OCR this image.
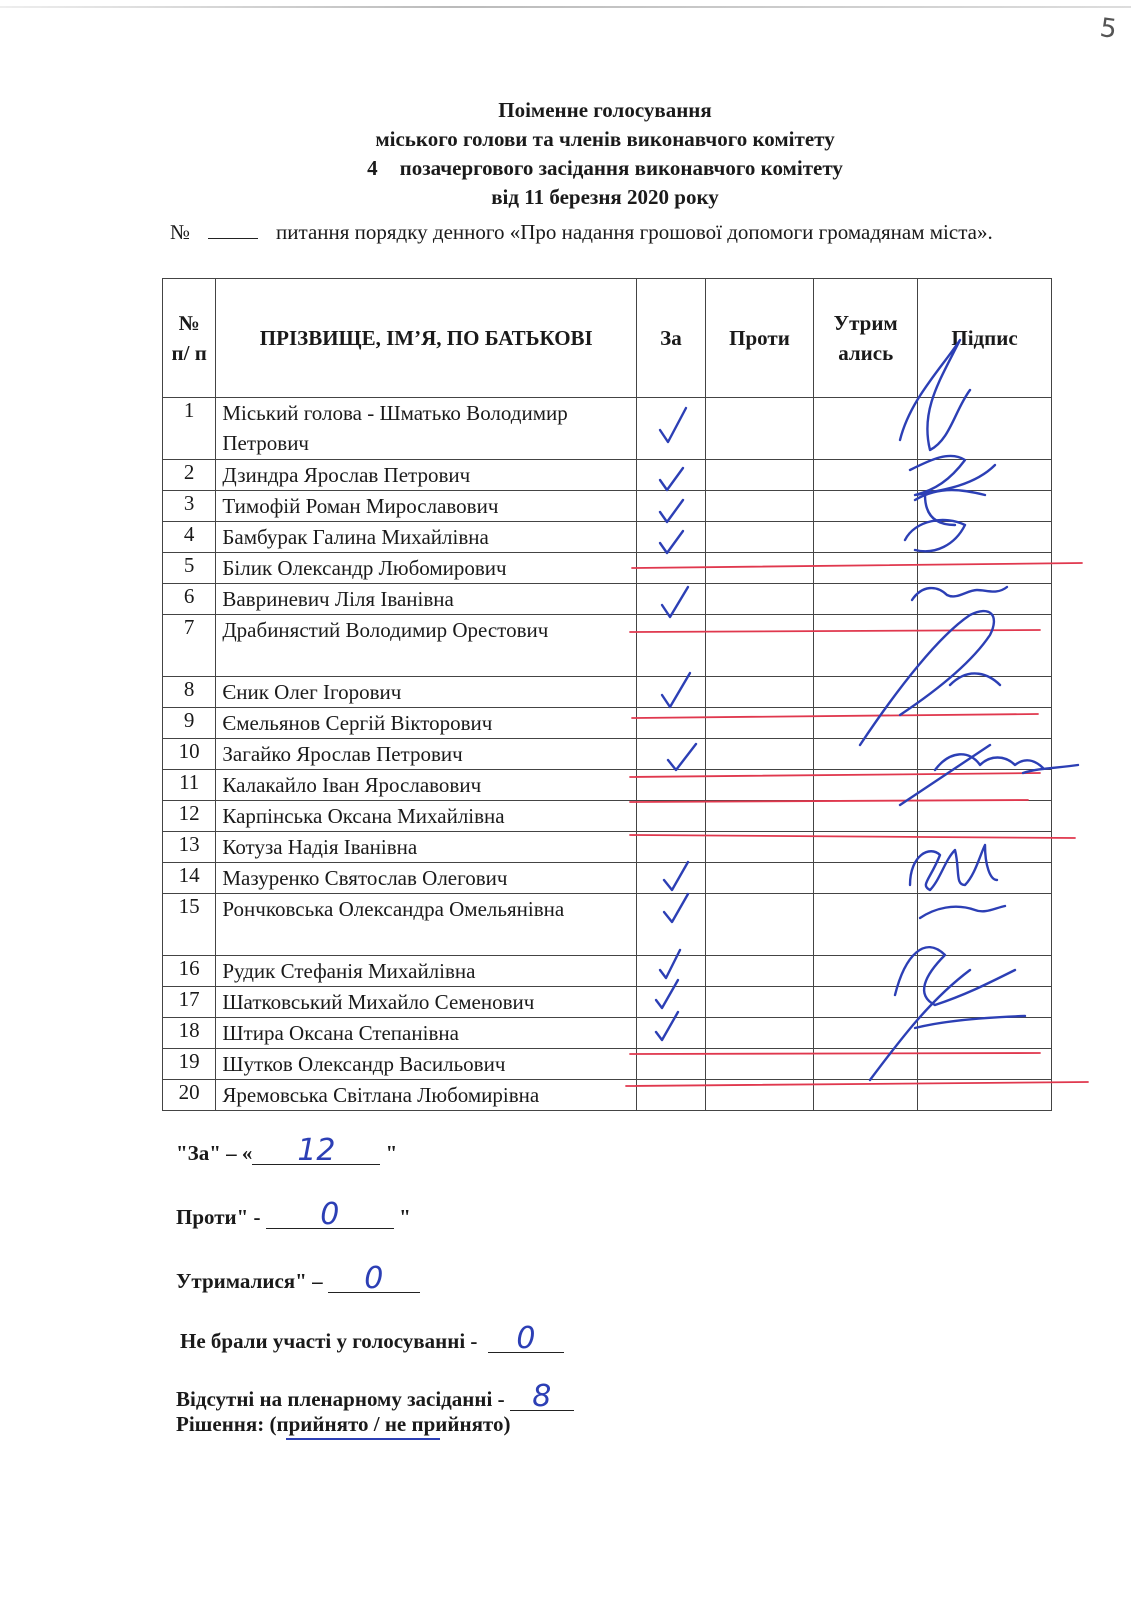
5
Поіменне голосування
міського голови та членів виконавчого комітету
4 позачергового засідання виконавчого комітету
від 11 березня 2020 року
№	питання порядку денного «Про надання грошової допомоги громадянам міста».
№ п/ п	ПРІЗВИЩЕ, ІМ’Я, ПО БАТЬКОВІ	За	Проти	Утрим ались	Підпис
1	Міський голова - Шматько Володимир Петрович				
2	Дзиндра Ярослав Петрович				
3	Тимофій Роман Мирославович				
4	Бамбурак Галина Михайлівна				
5	Білик Олександр Любомирович				
6	Вавриневич Ліля Іванівна				
7	Драбинястий Володимир Орестович				
8	Єник Олег Ігорович				
9	Ємельянов Сергій Вікторович				
10	Загайко Ярослав Петрович				
11	Калакайло Іван Ярославович				
12	Карпінська Оксана Михайлівна				
13	Котуза Надія Іванівна				
14	Мазуренко Святослав Олегович				
15	Рончковська Олександра Омельянівна				
16	Рудик Стефанія Михайлівна				
17	Шатковський Михайло Семенович				
18	Штира Оксана Степанівна				
19	Шутков Олександр Васильович				
20	Яремовська Світлана Любомирівна				
"За" – « 12 "
Проти" - 0	"
Утрималися" – 0
Не брали участі у голосуванні - 0
Відсутні на пленарному засіданні - 8
Рішення: (прийнято / не прийнято)
